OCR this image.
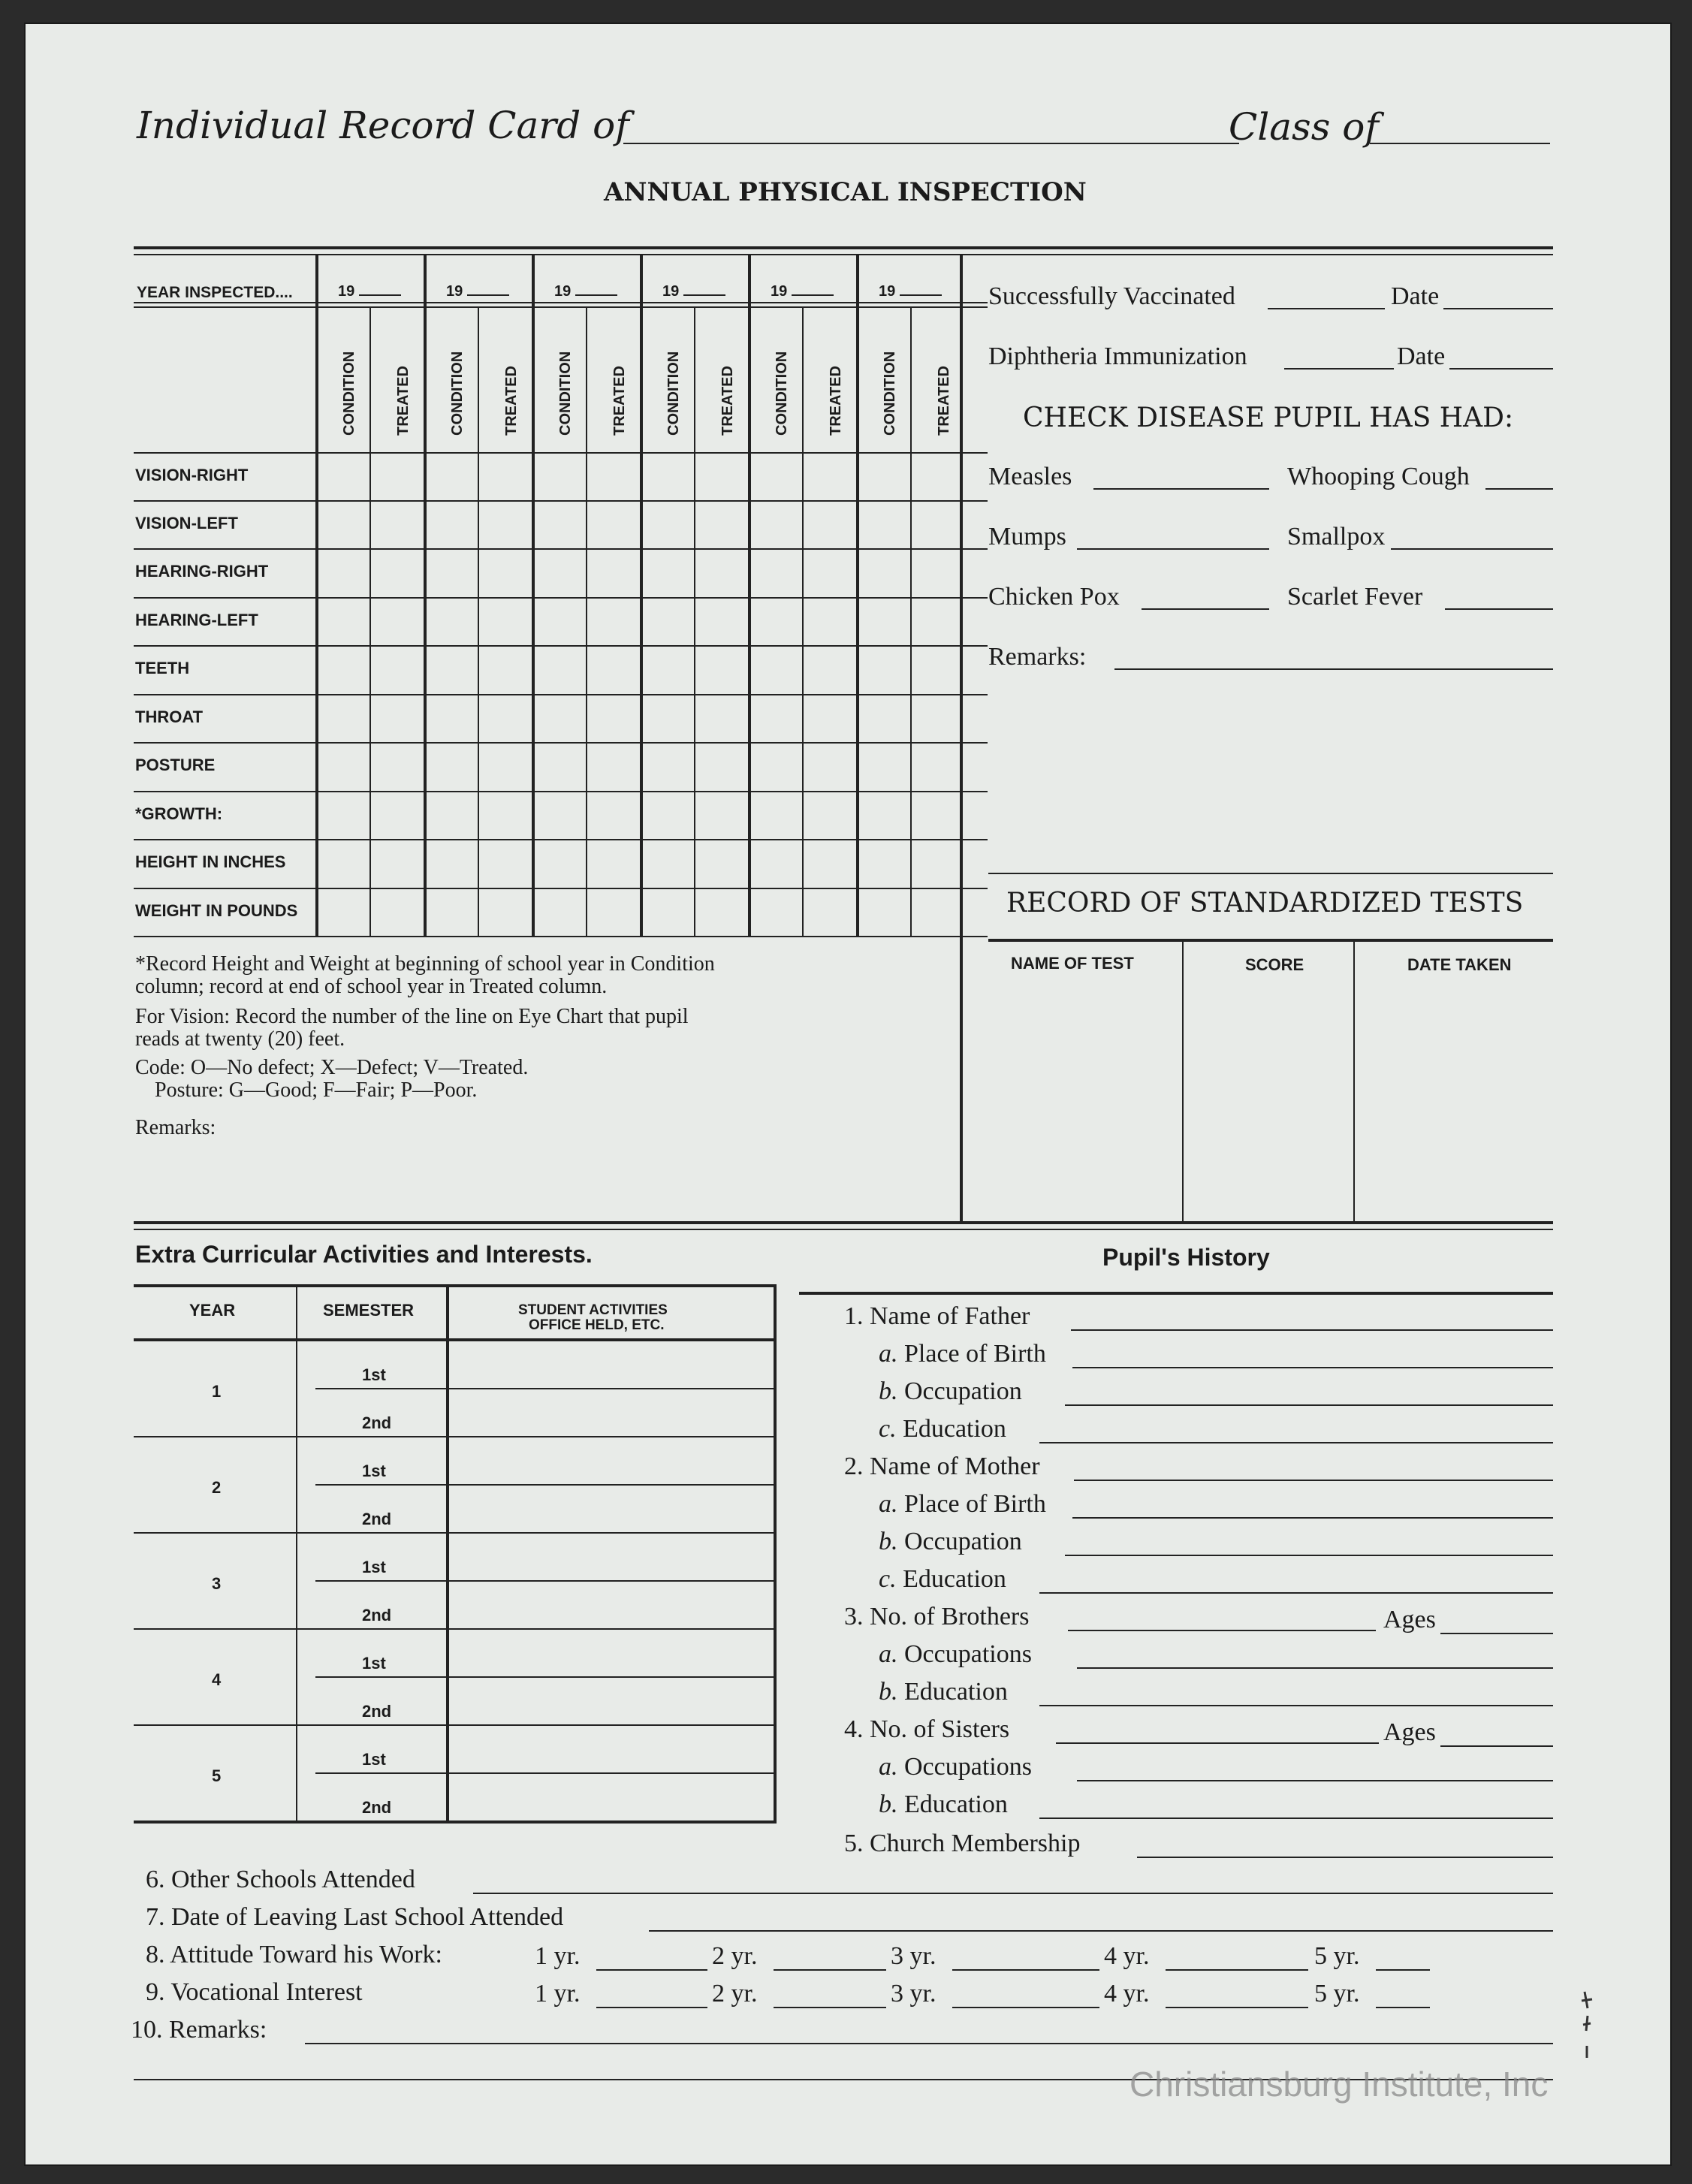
Individual Record Card of	Class of
ANNUAL PHYSICAL INSPECTION
YEAR INSPECTED....	19	19	19	19	19	19
CONDITION	TREATED	CONDITION	TREATED	CONDITION	TREATED	CONDITION	TREATED	CONDITION	TREATED	CONDITION	TREATED
VISION-RIGHT
VISION-LEFT
HEARING-RIGHT
HEARING-LEFT
TEETH
THROAT
POSTURE
*GROWTH:
HEIGHT IN INCHES
WEIGHT IN POUNDS
*Record Height and Weight at beginning of school year in Condition
column; record at end of school year in Treated column.
For Vision: Record the number of the line on Eye Chart that pupil
reads at twenty (20) feet.
Code: O—No defect; X—Defect; V—Treated.
Posture: G—Good; F—Fair; P—Poor.
Remarks:
Successfully Vaccinated	Date
Diphtheria Immunization	Date
CHECK DISEASE PUPIL HAS HAD:
Measles	Whooping Cough
Mumps	Smallpox
Chicken Pox	Scarlet Fever
Remarks:
RECORD OF STANDARDIZED TESTS
NAME OF TEST	SCORE	DATE TAKEN
Extra Curricular Activities and Interests.
YEAR	SEMESTER	STUDENT ACTIVITIES
OFFICE HELD, ETC.
1
1st
2nd
2
1st
2nd
3
1st
2nd
4
1st
2nd
5
1st
2nd
Pupil's History
1. Name of Father
a. Place of Birth
b. Occupation
c. Education
2. Name of Mother
a. Place of Birth
b. Occupation
c. Education
3. No. of Brothers	Ages
a. Occupations
b. Education
4. No. of Sisters	Ages
a. Occupations
b. Education
5. Church Membership
6. Other Schools Attended
7. Date of Leaving Last School Attended
8. Attitude Toward his Work:	1 yr.	2 yr.	3 yr.	4 yr.	5 yr.
9. Vocational Interest	1 yr.	2 yr.	3 yr.	4 yr.	5 yr.
10. Remarks:
Christiansburg Institute, Inc
